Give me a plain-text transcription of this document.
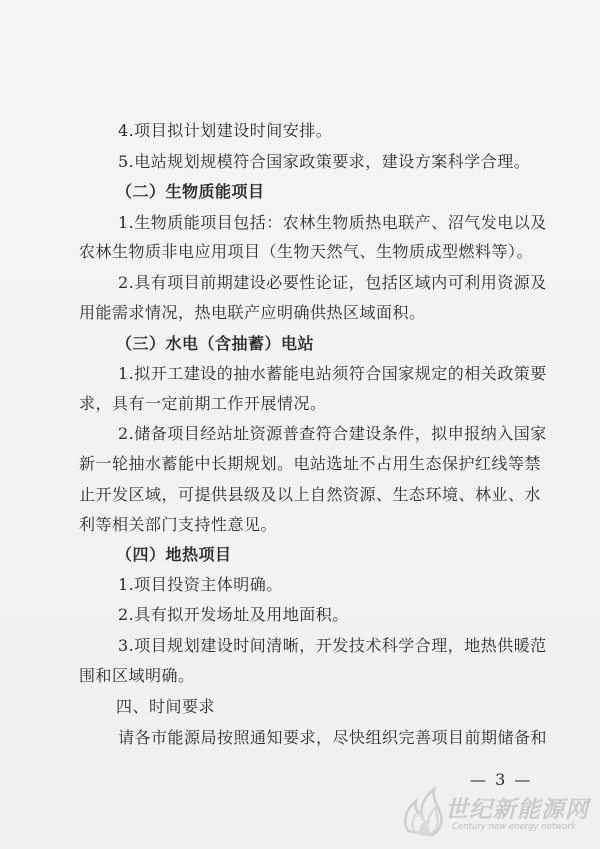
4.项目拟计划建设时间安排。
5.电站规划规模符合国家政策要求，建设方案科学合理。
（二）生物质能项目
1.生物质能项目包括：农林生物质热电联产、沼气发电以及
农林生物质非电应用项目（生物天然气、生物质成型燃料等）。
2.具有项目前期建设必要性论证，包括区域内可利用资源及
用能需求情况，热电联产应明确供热区域面积。
（三）水电（含抽蓄）电站
1.拟开工建设的抽水蓄能电站须符合国家规定的相关政策要
求，具有一定前期工作开展情况。
2.储备项目经站址资源普查符合建设条件，拟申报纳入国家
新一轮抽水蓄能中长期规划。电站选址不占用生态保护红线等禁
止开发区域，可提供县级及以上自然资源、生态环境、林业、水
利等相关部门支持性意见。
（四）地热项目
1.项目投资主体明确。
2.具有拟开发场址及用地面积。
3.项目规划建设时间清晰，开发技术科学合理，地热供暖范
围和区域明确。
四、时间要求
请各市能源局按照通知要求，尽快组织完善项目前期储备和
— 3 —
世纪新能源网
Century new energy network
